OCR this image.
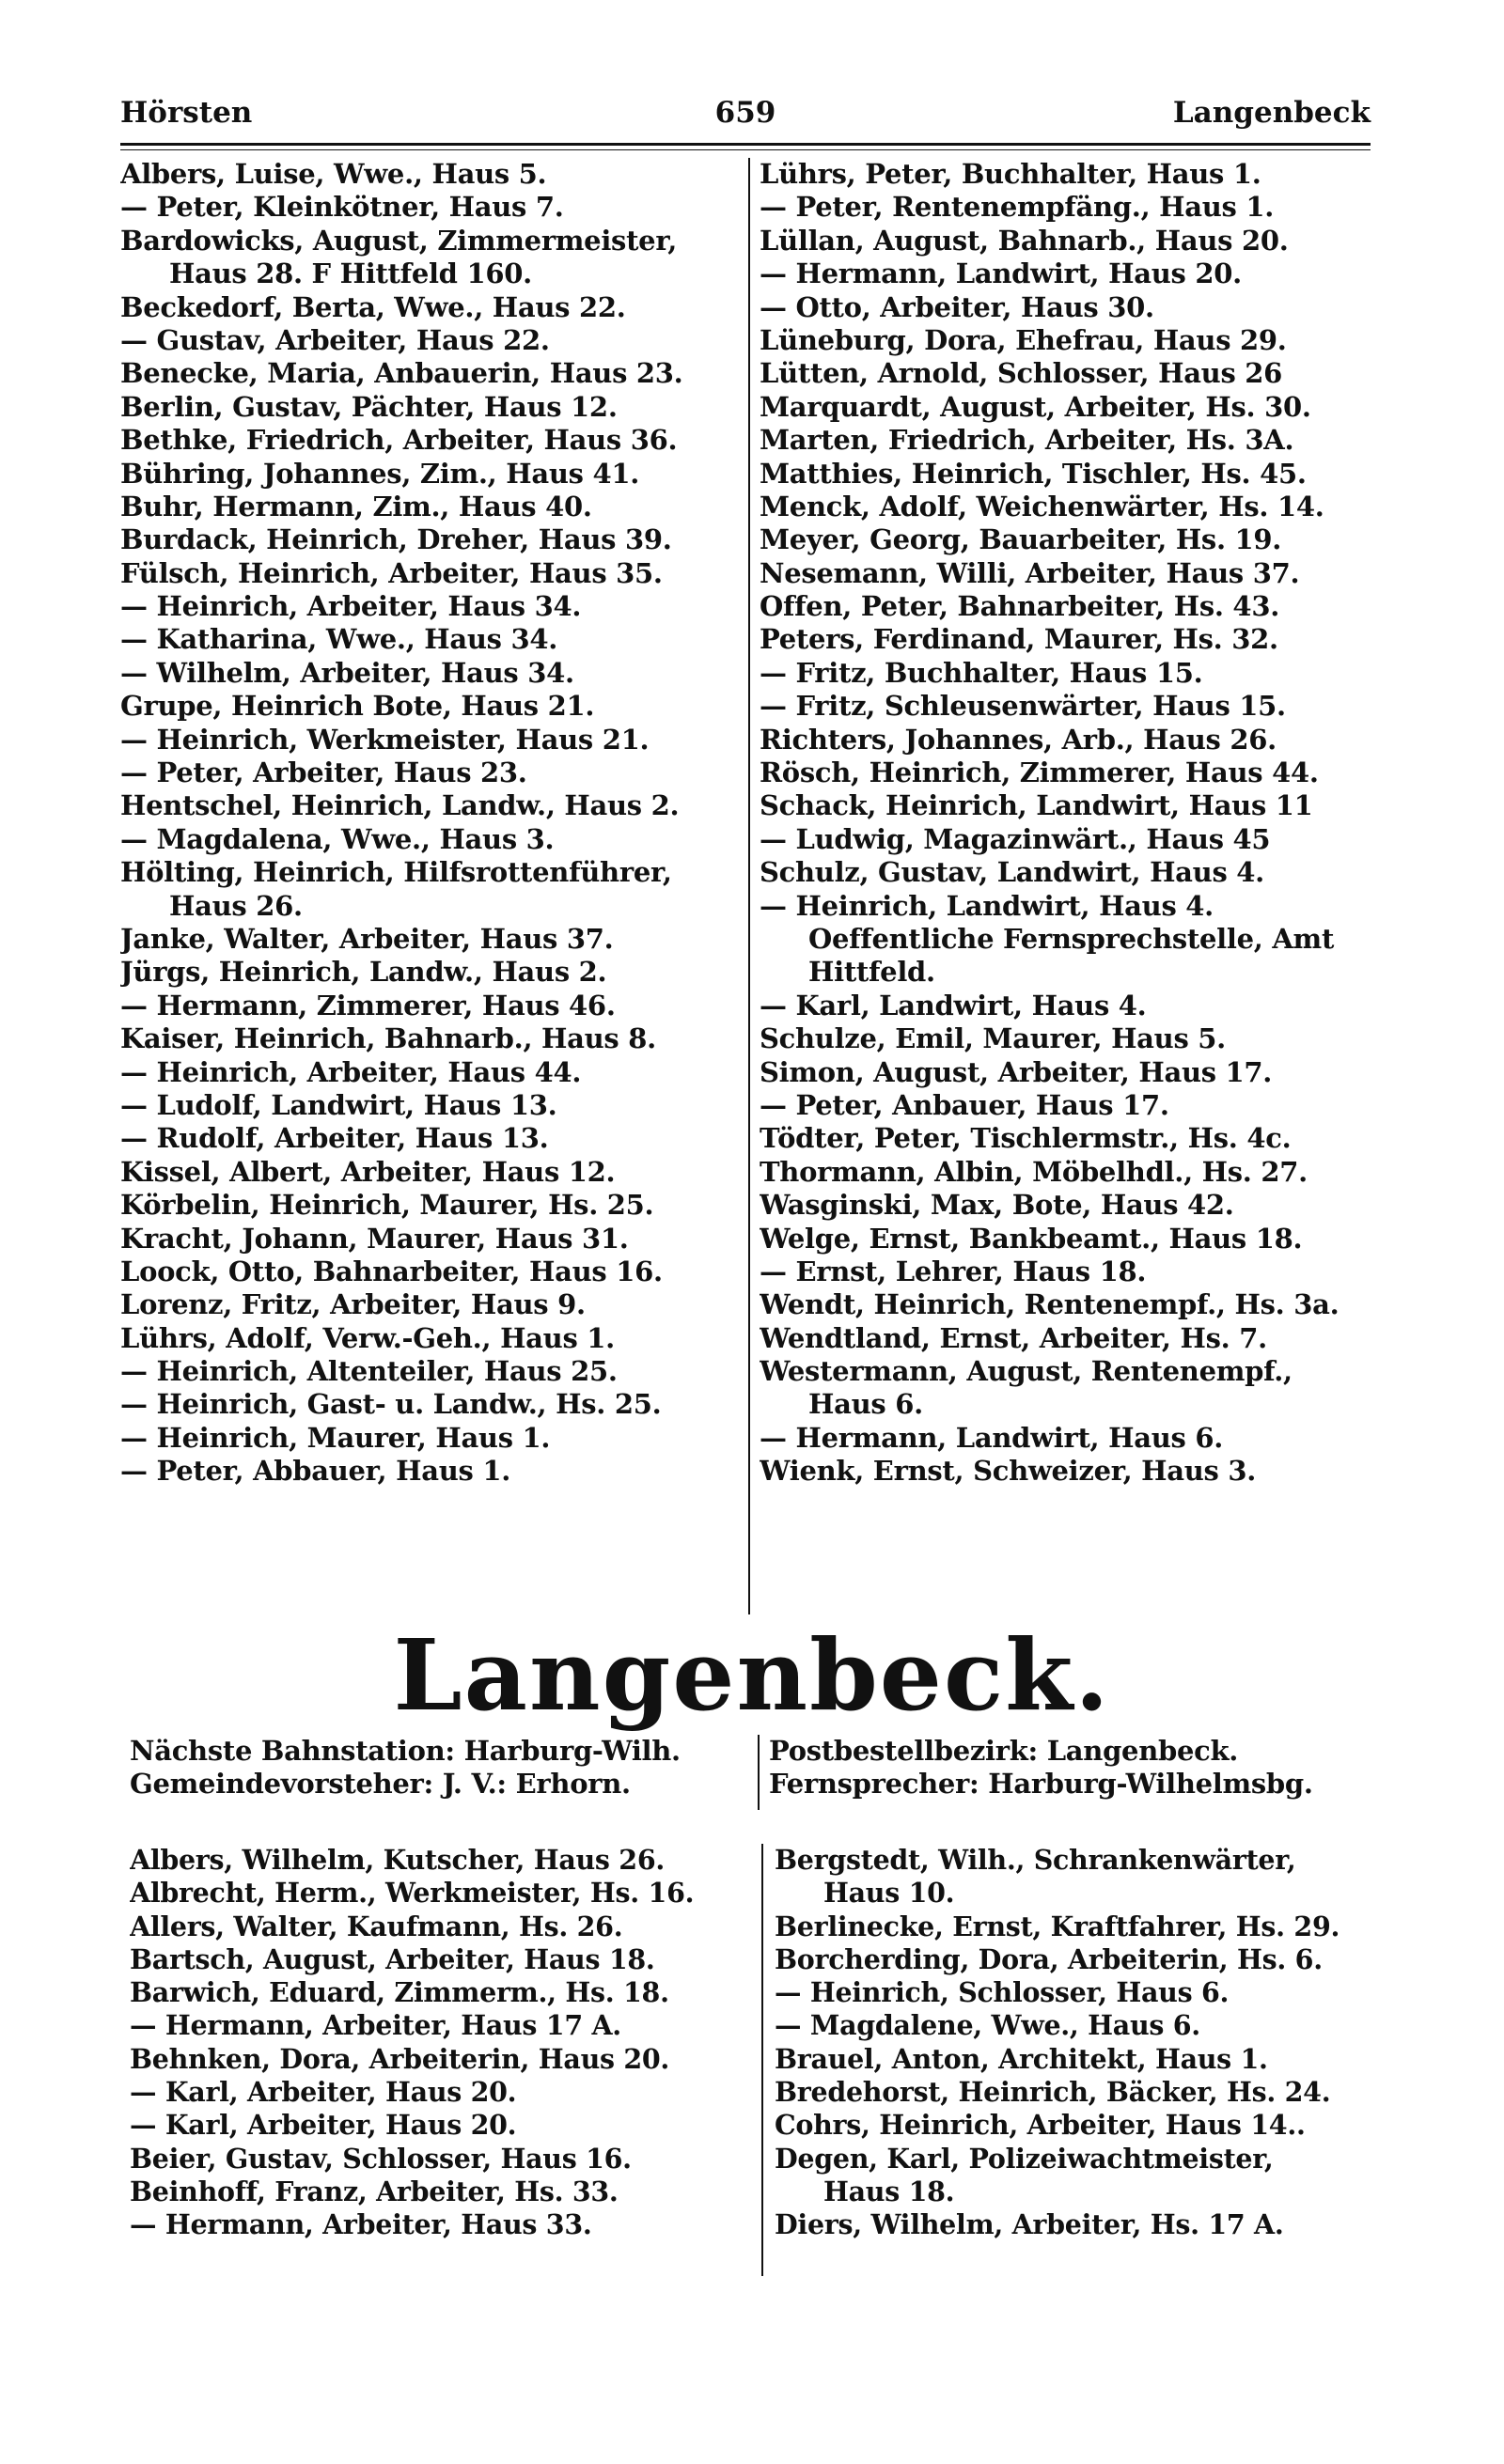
Hörsten	659	Langenbeck
Albers, Luise, Wwe., Haus 5.
— Peter, Kleinkötner, Haus 7.
Bardowicks, August, Zimmermeister,
Haus 28. F Hittfeld 160.
Beckedorf, Berta, Wwe., Haus 22.
— Gustav, Arbeiter, Haus 22.
Benecke, Maria, Anbauerin, Haus 23.
Berlin, Gustav, Pächter, Haus 12.
Bethke, Friedrich, Arbeiter, Haus 36.
Bühring, Johannes, Zim., Haus 41.
Buhr, Hermann, Zim., Haus 40.
Burdack, Heinrich, Dreher, Haus 39.
Fülsch, Heinrich, Arbeiter, Haus 35.
— Heinrich, Arbeiter, Haus 34.
— Katharina, Wwe., Haus 34.
— Wilhelm, Arbeiter, Haus 34.
Grupe, Heinrich Bote, Haus 21.
— Heinrich, Werkmeister, Haus 21.
— Peter, Arbeiter, Haus 23.
Hentschel, Heinrich, Landw., Haus 2.
— Magdalena, Wwe., Haus 3.
Hölting, Heinrich, Hilfsrottenführer,
Haus 26.
Janke, Walter, Arbeiter, Haus 37.
Jürgs, Heinrich, Landw., Haus 2.
— Hermann, Zimmerer, Haus 46.
Kaiser, Heinrich, Bahnarb., Haus 8.
— Heinrich, Arbeiter, Haus 44.
— Ludolf, Landwirt, Haus 13.
— Rudolf, Arbeiter, Haus 13.
Kissel, Albert, Arbeiter, Haus 12.
Körbelin, Heinrich, Maurer, Hs. 25.
Kracht, Johann, Maurer, Haus 31.
Loock, Otto, Bahnarbeiter, Haus 16.
Lorenz, Fritz, Arbeiter, Haus 9.
Lührs, Adolf, Verw.-Geh., Haus 1.
— Heinrich, Altenteiler, Haus 25.
— Heinrich, Gast- u. Landw., Hs. 25.
— Heinrich, Maurer, Haus 1.
— Peter, Abbauer, Haus 1.
Lührs, Peter, Buchhalter, Haus 1.
— Peter, Rentenempfäng., Haus 1.
Lüllan, August, Bahnarb., Haus 20.
— Hermann, Landwirt, Haus 20.
— Otto, Arbeiter, Haus 30.
Lüneburg, Dora, Ehefrau, Haus 29.
Lütten, Arnold, Schlosser, Haus 26
Marquardt, August, Arbeiter, Hs. 30.
Marten, Friedrich, Arbeiter, Hs. 3A.
Matthies, Heinrich, Tischler, Hs. 45.
Menck, Adolf, Weichenwärter, Hs. 14.
Meyer, Georg, Bauarbeiter, Hs. 19.
Nesemann, Willi, Arbeiter, Haus 37.
Offen, Peter, Bahnarbeiter, Hs. 43.
Peters, Ferdinand, Maurer, Hs. 32.
— Fritz, Buchhalter, Haus 15.
— Fritz, Schleusenwärter, Haus 15.
Richters, Johannes, Arb., Haus 26.
Rösch, Heinrich, Zimmerer, Haus 44.
Schack, Heinrich, Landwirt, Haus 11
— Ludwig, Magazinwärt., Haus 45
Schulz, Gustav, Landwirt, Haus 4.
— Heinrich, Landwirt, Haus 4.
Oeffentliche Fernsprechstelle, Amt
Hittfeld.
— Karl, Landwirt, Haus 4.
Schulze, Emil, Maurer, Haus 5.
Simon, August, Arbeiter, Haus 17.
— Peter, Anbauer, Haus 17.
Tödter, Peter, Tischlermstr., Hs. 4c.
Thormann, Albin, Möbelhdl., Hs. 27.
Wasginski, Max, Bote, Haus 42.
Welge, Ernst, Bankbeamt., Haus 18.
— Ernst, Lehrer, Haus 18.
Wendt, Heinrich, Rentenempf., Hs. 3a.
Wendtland, Ernst, Arbeiter, Hs. 7.
Westermann, August, Rentenempf.,
Haus 6.
— Hermann, Landwirt, Haus 6.
Wienk, Ernst, Schweizer, Haus 3.
Langenbeck.
Nächste Bahnstation: Harburg-Wilh.
Gemeindevorsteher: J. V.: Erhorn.
Postbestellbezirk: Langenbeck.
Fernsprecher: Harburg-Wilhelmsbg.
Albers, Wilhelm, Kutscher, Haus 26.
Albrecht, Herm., Werkmeister, Hs. 16.
Allers, Walter, Kaufmann, Hs. 26.
Bartsch, August, Arbeiter, Haus 18.
Barwich, Eduard, Zimmerm., Hs. 18.
— Hermann, Arbeiter, Haus 17 A.
Behnken, Dora, Arbeiterin, Haus 20.
— Karl, Arbeiter, Haus 20.
— Karl, Arbeiter, Haus 20.
Beier, Gustav, Schlosser, Haus 16.
Beinhoff, Franz, Arbeiter, Hs. 33.
— Hermann, Arbeiter, Haus 33.
Bergstedt, Wilh., Schrankenwärter,
Haus 10.
Berlinecke, Ernst, Kraftfahrer, Hs. 29.
Borcherding, Dora, Arbeiterin, Hs. 6.
— Heinrich, Schlosser, Haus 6.
— Magdalene, Wwe., Haus 6.
Brauel, Anton, Architekt, Haus 1.
Bredehorst, Heinrich, Bäcker, Hs. 24.
Cohrs, Heinrich, Arbeiter, Haus 14..
Degen, Karl, Polizeiwachtmeister,
Haus 18.
Diers, Wilhelm, Arbeiter, Hs. 17 A.
